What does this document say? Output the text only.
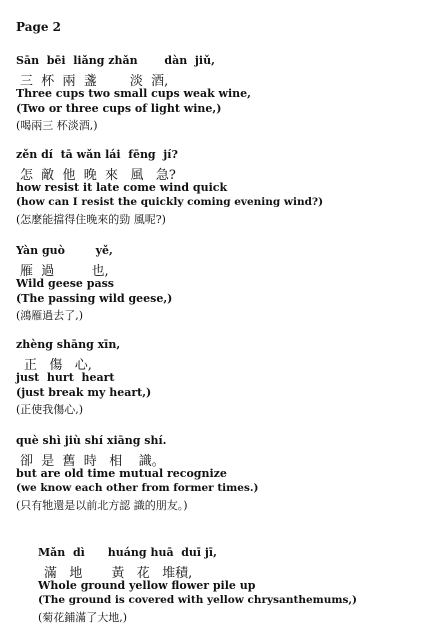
Page 2
Sān  bēi  liǎng zhǎn       dàn  jiǔ,
三  杯  兩  盞        淡  酒,
Three cups two small cups weak wine,
(Two or three cups of light wine,)
(喝兩三 杯淡酒,)
zěn dí  tā wǎn lái  fēng  jí?
怎  敵  他  晚  來   風   急?
how resist it late come wind quick
(how can I resist the quickly coming evening wind?)
(怎麼能擋得住晚來的勁 風呢?)
Yàn guò        yě,
雁  過         也,
Wild geese pass
(The passing wild geese,)
(鴻雁過去了,)
zhèng shāng xīn,
正   傷   心,
just  hurt  heart
(just break my heart,)
(正使我傷心,)
què shì jiù shí xiāng shí.
卻  是  舊  時   相    識。
but are old time mutual recognize
(we know each other from former times.)
(只有牠還是以前北方認 識的朋友。)
Mǎn  dì      huáng huā  duī jī,
滿   地       黃   花   堆積,
Whole ground yellow flower pile up
(The ground is covered with yellow chrysanthemums,)
(菊花鋪滿了大地,)
